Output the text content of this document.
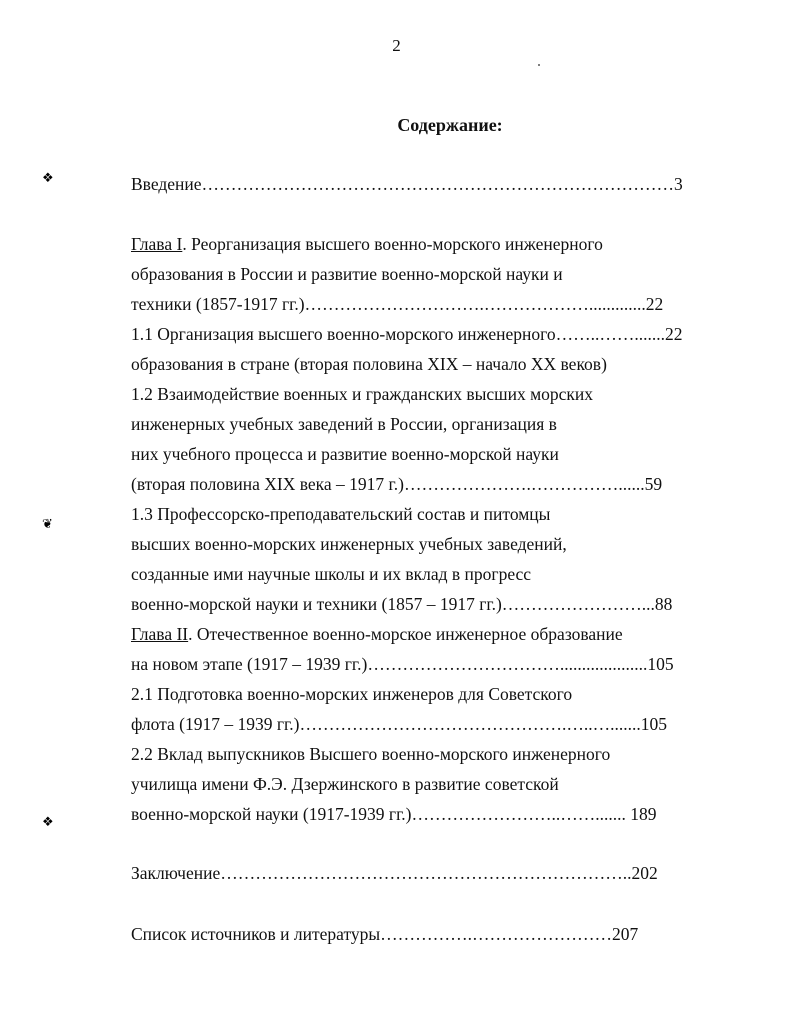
2
Содержание:
❖
❦
❖
Введение………………………………………………………………………3
Глава I. Реорганизация высшего военно-морского инженерного
образования в России и развитие военно-морской науки и
техники (1857-1917 гг.)………………………….……………….............22
1.1 Организация высшего военно-морского инженерного……..…….......22
образования в стране (вторая половина XIX – начало XX веков)
1.2 Взаимодействие военных и гражданских высших морских
инженерных учебных заведений в России, организация в
них учебного процесса и развитие военно-морской науки
(вторая половина XIX века – 1917 г.)………………….……………......59
1.3 Профессорско-преподавательский состав и питомцы
высших военно-морских инженерных учебных заведений,
созданные ими научные школы и их вклад в прогресс
военно-морской науки и техники (1857 – 1917 гг.)……………………...88
Глава II. Отечественное военно-морское инженерное образование
на новом этапе (1917 – 1939 гг.)……………………………....................105
2.1 Подготовка военно-морских инженеров для Советского
флота (1917 – 1939 гг.)……………………………………….…..….......105
2.2 Вклад выпускников Высшего военно-морского инженерного
училища имени Ф.Э. Дзержинского в развитие советской
военно-морской науки (1917-1939 гг.)……………………..……....... 189
Заключение……………………………………………………………..202
Список источников и литературы…………….……………………207
